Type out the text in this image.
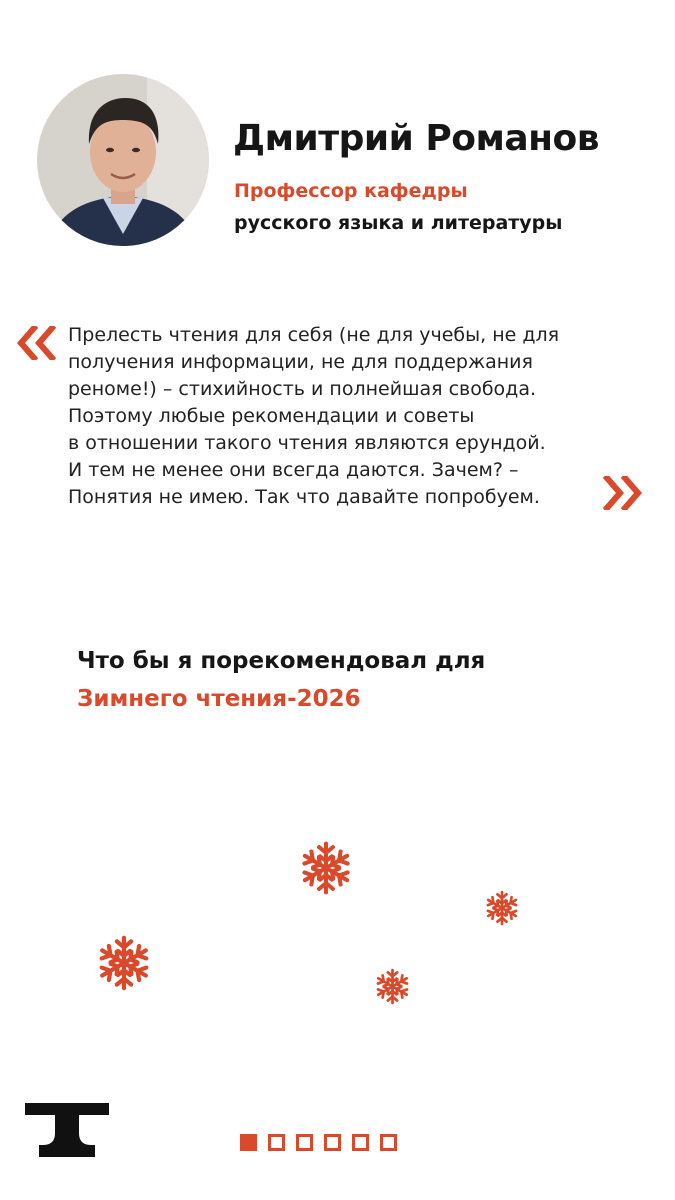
Дмитрий Романов
Профессор кафедры
русского языка и литературы
Прелесть чтения для себя (не для учебы, не для
получения информации, не для поддержания
реноме!) – стихийность и полнейшая свобода.
Поэтому любые рекомендации и советы
в отношении такого чтения являются ерундой.
И тем не менее они всегда даются. Зачем? –
Понятия не имею. Так что давайте попробуем.
Что бы я порекомендовал для
Зимнего чтения-2026
